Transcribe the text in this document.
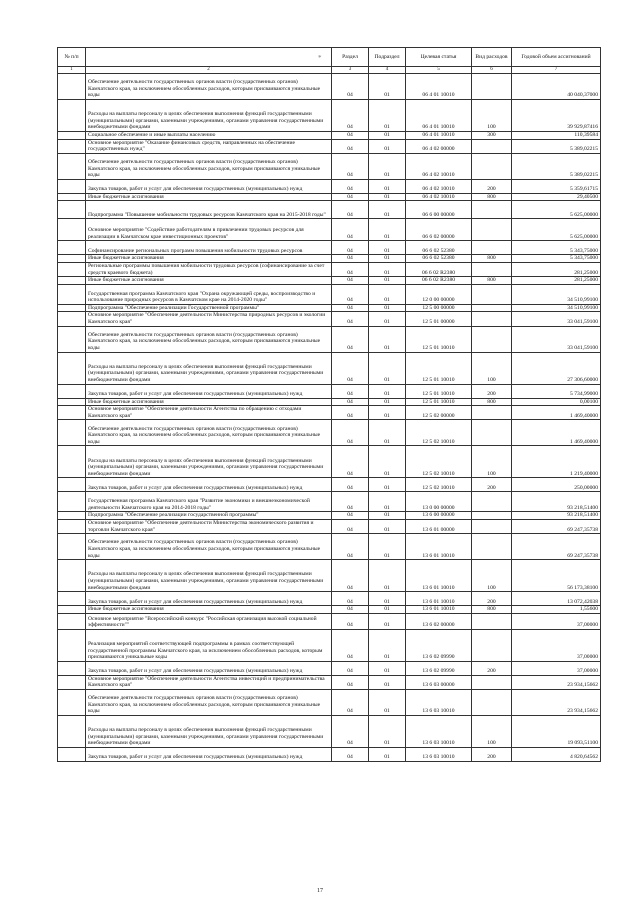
*
№ п/п		Раздел	Подраздел	Целевая статья	Вид расходов	Годовой объем ассигнований
1	2	3	4	5	6	7
	Обеспечение деятельности государственных органов власти (государственных органов) Камчатского края, за исключением обособленных расходов, которым присваиваются уникальные коды	04	01	06 4 01 10010		40 040,37000
	Расходы на выплаты персоналу в целях обеспечения выполнения функций государственными (муниципальными) органами, казенными учреждениями, органами управления государственными внебюджетными фондами	04	01	06 4 01 10010	100	39 929,87416
	Социальное обеспечение и иные выплаты населению	04	01	06 4 01 10010	300	110,39584
	Основное мероприятие "Оказание финансовых средств, направленных на обеспечение государственных нужд"	04	01	06 4 02 00000		5 389,02215
	Обеспечение деятельности государственных органов власти (государственных органов) Камчатского края, за исключением обособленных расходов, которым присваиваются уникальные коды	04	01	06 4 02 10010		5 389,02215
	Закупка товаров, работ и услуг для обеспечения государственных (муниципальных) нужд	04	01	06 4 02 10010	200	5 359,61715
	Иные бюджетные ассигнования	04	01	06 4 02 10010	800	29,40500
	Подпрограмма "Повышение мобильности трудовых ресурсов Камчатского края на 2015-2018 годы"	04	01	06 6 00 00000		5 625,00000
	Основное мероприятие "Содействие работодателям в привлечении трудовых ресурсов для реализации в Камчатском крае инвестиционных проектов"	04	01	06 6 02 00000		5 625,00000
	Софинансирование региональных программ повышения мобильности трудовых ресурсов	04	01	06 6 02 52380		5 343,75000
	Иные бюджетные ассигнования	04	01	06 6 02 52380	800	5 343,75000
	Региональные программы повышения мобильности трудовых ресурсов (софинансирование за счет средств краевого бюджета)	04	01	06 6 02 R2380		281,25000
	Иные бюджетные ассигнования	04	01	06 6 02 R2380	800	281,25000
	Государственная программа Камчатского края "Охрана окружающей среды, воспроизводство и использование природных ресурсов в Камчатском крае на 2014-2020 годы"	04	01	12 0 00 00000		34 510,99100
	Подпрограмма "Обеспечение реализации Государственной программы"	04	01	12 5 00 00000		34 510,99100
	Основное мероприятие "Обеспечение деятельности Министерства природных ресурсов и экологии Камчатского края"	04	01	12 5 01 00000		33 041,59100
	Обеспечение деятельности государственных органов власти (государственных органов) Камчатского края, за исключением обособленных расходов, которым присваиваются уникальные коды	04	01	12 5 01 10010		33 041,59100
	Расходы на выплаты персоналу в целях обеспечения выполнения функций государственными (муниципальными) органами, казенными учреждениями, органами управления государственными внебюджетными фондами	04	01	12 5 01 10010	100	27 306,60000
	Закупка товаров, работ и услуг для обеспечения государственных (муниципальных) нужд	04	01	12 5 01 10010	200	5 734,99000
	Иные бюджетные ассигнования	04	01	12 5 01 10010	800	0,00100
	Основное мероприятие "Обеспечение деятельности Агентства по обращению с отходами Камчатского края"	04	01	12 5 02 00000		1 469,40000
	Обеспечение деятельности государственных органов власти (государственных органов) Камчатского края, за исключением обособленных расходов, которым присваиваются уникальные коды	04	01	12 5 02 10010		1 469,40000
	Расходы на выплаты персоналу в целях обеспечения выполнения функций государственными (муниципальными) органами, казенными учреждениями, органами управления государственными внебюджетными фондами	04	01	12 5 02 10010	100	1 219,40000
	Закупка товаров, работ и услуг для обеспечения государственных (муниципальных) нужд	04	01	12 5 02 10010	200	250,00000
	Государственная программа Камчатского края "Развитие экономики и внешнеэкономической деятельности Камчатского края на 2014-2018 годы"	04	01	13 0 00 00000		93 218,51400
	Подпрограмма "Обеспечение реализации государственной программы"	04	01	13 6 00 00000		93 218,51400
	Основное мероприятие "Обеспечение деятельности Министерства экономического развития и торговли Камчатского края"	04	01	13 6 01 00000		69 247,35738
	Обеспечение деятельности государственных органов власти (государственных органов) Камчатского края, за исключением обособленных расходов, которым присваиваются уникальные коды	04	01	13 6 01 10010		69 247,35738
	Расходы на выплаты персоналу в целях обеспечения выполнения функций государственными (муниципальными) органами, казенными учреждениями, органами управления государственными внебюджетными фондами	04	01	13 6 01 10010	100	56 173,38100
	Закупка товаров, работ и услуг для обеспечения государственных (муниципальных) нужд	04	01	13 6 01 10010	200	13 072,42038
	Иные бюджетные ассигнования	04	01	13 6 01 10010	800	1,55600
	Основное мероприятие "Всероссийский конкурс "Российская организация высокой социальной эффективности""	04	01	13 6 02 00000		37,00000
	Реализация мероприятий соответствующей подпрограммы в рамках соответствующей государственной программы Камчатского края, за исключением обособленных расходов, которым присваиваются уникальные коды	04	01	13 6 02 09990		37,00000
	Закупка товаров, работ и услуг для обеспечения государственных (муниципальных) нужд	04	01	13 6 02 09990	200	37,00000
	Основное мероприятие "Обеспечение деятельности Агентства инвестиций и предпринимательства Камчатского края"	04	01	13 6 03 00000		23 934,15662
	Обеспечение деятельности государственных органов власти (государственных органов) Камчатского края, за исключением обособленных расходов, которым присваиваются уникальные коды	04	01	13 6 03 10010		23 934,15662
	Расходы на выплаты персоналу в целях обеспечения выполнения функций государственными (муниципальными) органами, казенными учреждениями, органами управления государственными внебюджетными фондами	04	01	13 6 03 10010	100	19 093,51100
	Закупка товаров, работ и услуг для обеспечения государственных (муниципальных) нужд	04	01	13 6 03 10010	200	4 820,64562
17
